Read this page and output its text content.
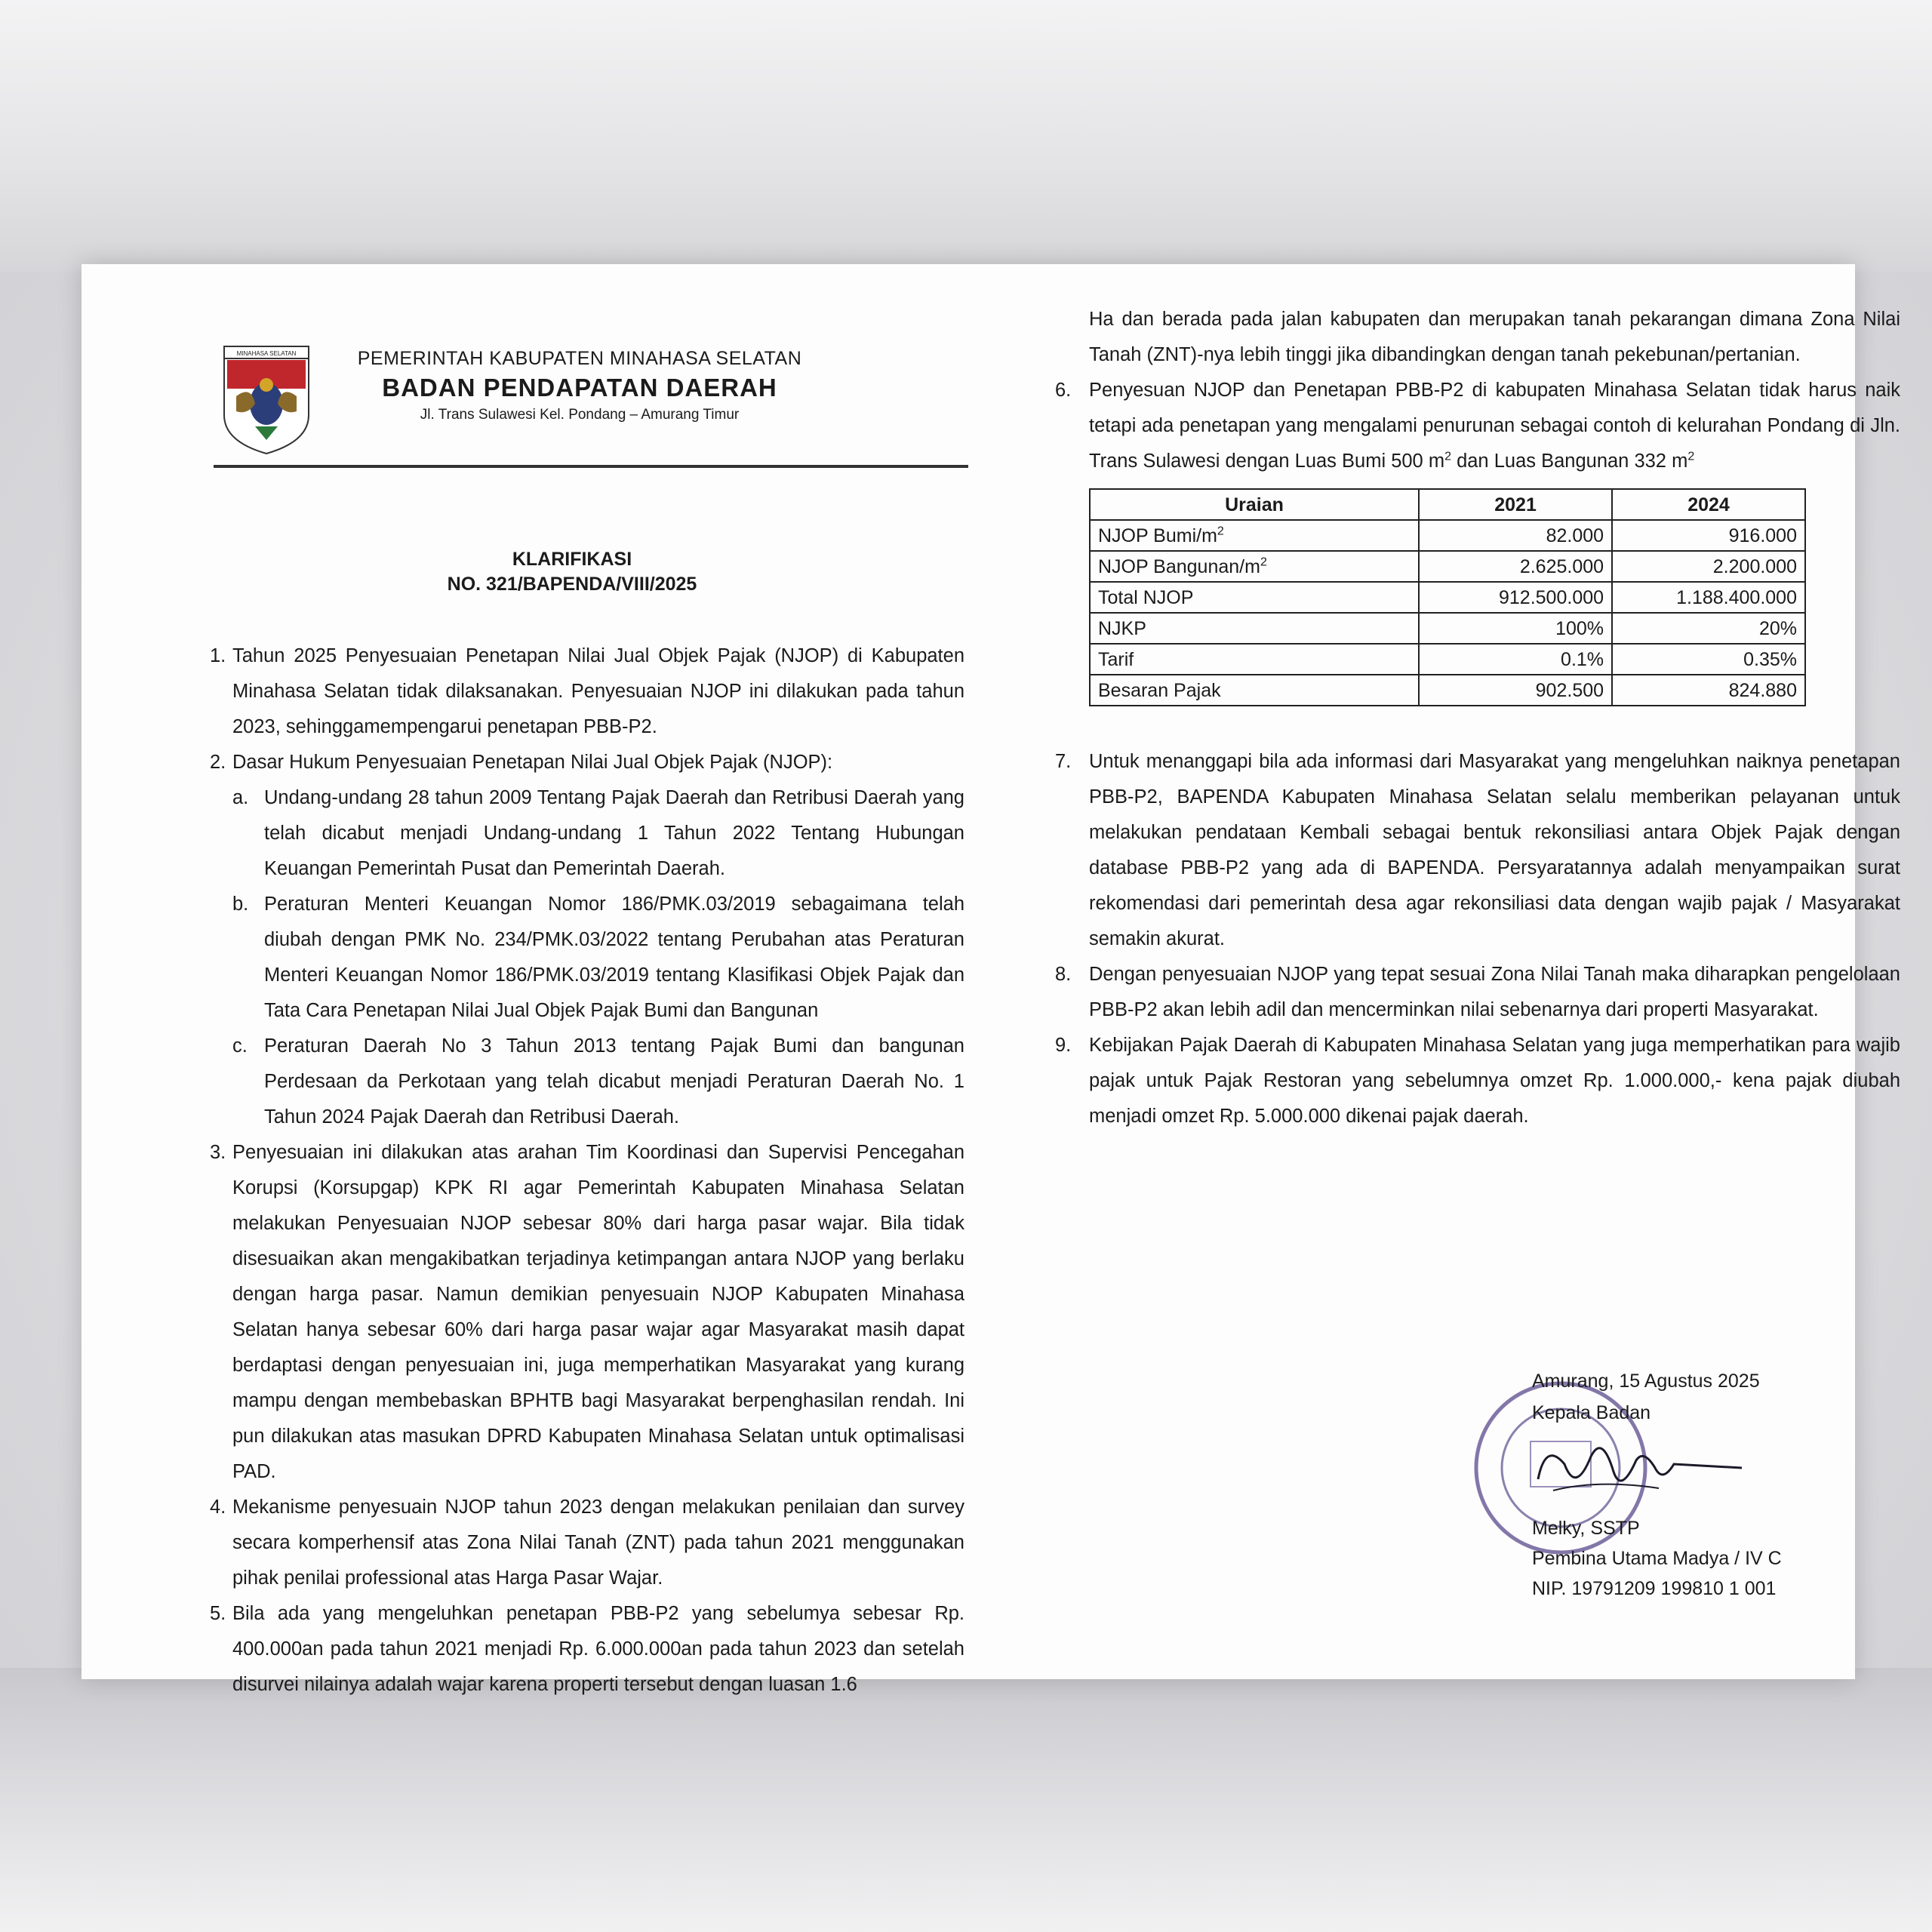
MINAHASA SELATAN	PEMERINTAH KABUPATEN MINAHASA SELATAN
BADAN PENDAPATAN DAERAH
Jl. Trans Sulawesi Kel. Pondang – Amurang Timur
KLARIFIKASI
NO. 321/BAPENDA/VIII/2025
1. Tahun 2025 Penyesuaian Penetapan Nilai Jual Objek Pajak (NJOP) di Kabupaten Minahasa Selatan tidak dilaksanakan. Penyesuaian NJOP ini dilakukan pada tahun 2023, sehinggamempengarui penetapan PBB-P2.
2. Dasar Hukum Penyesuaian Penetapan Nilai Jual Objek Pajak (NJOP):
a. Undang-undang 28 tahun 2009 Tentang Pajak Daerah dan Retribusi Daerah yang telah dicabut menjadi Undang-undang 1 Tahun 2022 Tentang Hubungan Keuangan Pemerintah Pusat dan Pemerintah Daerah.
b. Peraturan Menteri Keuangan Nomor 186/PMK.03/2019 sebagaimana telah diubah dengan PMK No. 234/PMK.03/2022 tentang Perubahan atas Peraturan Menteri Keuangan Nomor 186/PMK.03/2019 tentang Klasifikasi Objek Pajak dan Tata Cara Penetapan Nilai Jual Objek Pajak Bumi dan Bangunan
c. Peraturan Daerah No 3 Tahun 2013 tentang Pajak Bumi dan bangunan Perdesaan da Perkotaan yang telah dicabut menjadi Peraturan Daerah No. 1 Tahun 2024 Pajak Daerah dan Retribusi Daerah.
3. Penyesuaian ini dilakukan atas arahan Tim Koordinasi dan Supervisi Pencegahan Korupsi (Korsupgap) KPK RI agar Pemerintah Kabupaten Minahasa Selatan melakukan Penyesuaian NJOP sebesar 80% dari harga pasar wajar. Bila tidak disesuaikan akan mengakibatkan terjadinya ketimpangan antara NJOP yang berlaku dengan harga pasar. Namun demikian penyesuain NJOP Kabupaten Minahasa Selatan hanya sebesar 60% dari harga pasar wajar agar Masyarakat masih dapat berdaptasi dengan penyesuaian ini, juga memperhatikan Masyarakat yang kurang mampu dengan membebaskan BPHTB bagi Masyarakat berpenghasilan rendah. Ini pun dilakukan atas masukan DPRD Kabupaten Minahasa Selatan untuk optimalisasi PAD.
4. Mekanisme penyesuain NJOP tahun 2023 dengan melakukan penilaian dan survey secara komperhensif atas Zona Nilai Tanah (ZNT) pada tahun 2021 menggunakan pihak penilai professional atas Harga Pasar Wajar.
5. Bila ada yang mengeluhkan penetapan PBB-P2 yang sebelumya sebesar Rp. 400.000an pada tahun 2021 menjadi Rp. 6.000.000an pada tahun 2023 dan setelah disurvei nilainya adalah wajar karena properti tersebut dengan luasan 1.6
Ha dan berada pada jalan kabupaten dan merupakan tanah pekarangan dimana Zona Nilai Tanah (ZNT)-nya lebih tinggi jika dibandingkan dengan tanah pekebunan/pertanian.
6. Penyesuan NJOP dan Penetapan PBB-P2 di kabupaten Minahasa Selatan tidak harus naik tetapi ada penetapan yang mengalami penurunan sebagai contoh di kelurahan Pondang di Jln. Trans Sulawesi dengan Luas Bumi 500 $m^2$ dan Luas Bangunan 332 $m^2$
Uraian	2021	2024
NJOP Bumi/$m^2$	82.000	916.000
NJOP Bangunan/$m^2$	2.625.000	2.200.000
Total NJOP	912.500.000	1.188.400.000
NJKP	100%	20%
Tarif	0.1%	0.35%
Besaran Pajak	902.500	824.880
7. Untuk menanggapi bila ada informasi dari Masyarakat yang mengeluhkan naiknya penetapan PBB-P2, BAPENDA Kabupaten Minahasa Selatan selalu memberikan pelayanan untuk melakukan pendataan Kembali sebagai bentuk rekonsiliasi antara Objek Pajak dengan database PBB-P2 yang ada di BAPENDA. Persyaratannya adalah menyampaikan surat rekomendasi dari pemerintah desa agar rekonsiliasi data dengan wajib pajak / Masyarakat semakin akurat.
8. Dengan penyesuaian NJOP yang tepat sesuai Zona Nilai Tanah maka diharapkan pengelolaan PBB-P2 akan lebih adil dan mencerminkan nilai sebenarnya dari properti Masyarakat.
9. Kebijakan Pajak Daerah di Kabupaten Minahasa Selatan yang juga memperhatikan para wajib pajak untuk Pajak Restoran yang sebelumnya omzet Rp. 1.000.000,- kena pajak diubah menjadi omzet Rp. 5.000.000 dikenai pajak daerah.
Amurang, 15 Agustus 2025
Kepala Badan
Melky, SSTP
Pembina Utama Madya / IV C
NIP. 19791209 199810 1 001
